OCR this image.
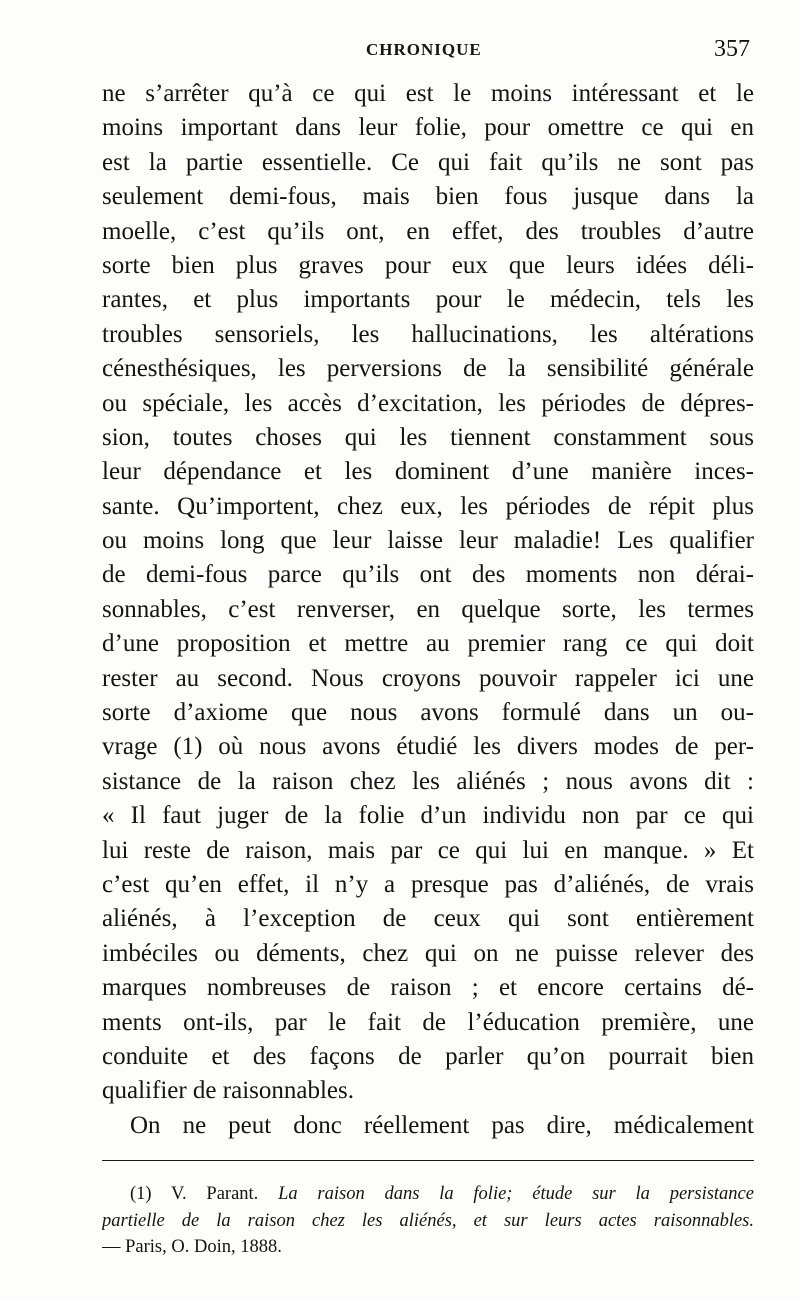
CHRONIQUE	357
ne s’arrêter qu’à ce qui est le moins intéressant et le
moins important dans leur folie, pour omettre ce qui en
est la partie essentielle. Ce qui fait qu’ils ne sont pas
seulement demi-fous, mais bien fous jusque dans la
moelle, c’est qu’ils ont, en effet, des troubles d’autre
sorte bien plus graves pour eux que leurs idées déli-
rantes, et plus importants pour le médecin, tels les
troubles sensoriels, les hallucinations, les altérations
cénesthésiques, les perversions de la sensibilité générale
ou spéciale, les accès d’excitation, les périodes de dépres-
sion, toutes choses qui les tiennent constamment sous
leur dépendance et les dominent d’une manière inces-
sante. Qu’importent, chez eux, les périodes de répit plus
ou moins long que leur laisse leur maladie! Les qualifier
de demi-fous parce qu’ils ont des moments non dérai-
sonnables, c’est renverser, en quelque sorte, les termes
d’une proposition et mettre au premier rang ce qui doit
rester au second. Nous croyons pouvoir rappeler ici une
sorte d’axiome que nous avons formulé dans un ou-
vrage (1) où nous avons étudié les divers modes de per-
sistance de la raison chez les aliénés ; nous avons dit :
« Il faut juger de la folie d’un individu non par ce qui
lui reste de raison, mais par ce qui lui en manque. » Et
c’est qu’en effet, il n’y a presque pas d’aliénés, de vrais
aliénés, à l’exception de ceux qui sont entièrement
imbéciles ou déments, chez qui on ne puisse relever des
marques nombreuses de raison ; et encore certains dé-
ments ont-ils, par le fait de l’éducation première, une
conduite et des façons de parler qu’on pourrait bien
qualifier de raisonnables.
On ne peut donc réellement pas dire, médicalement
(1) V. Parant. La raison dans la folie; étude sur la persistance
partielle de la raison chez les aliénés, et sur leurs actes raisonnables.
— Paris, O. Doin, 1888.
